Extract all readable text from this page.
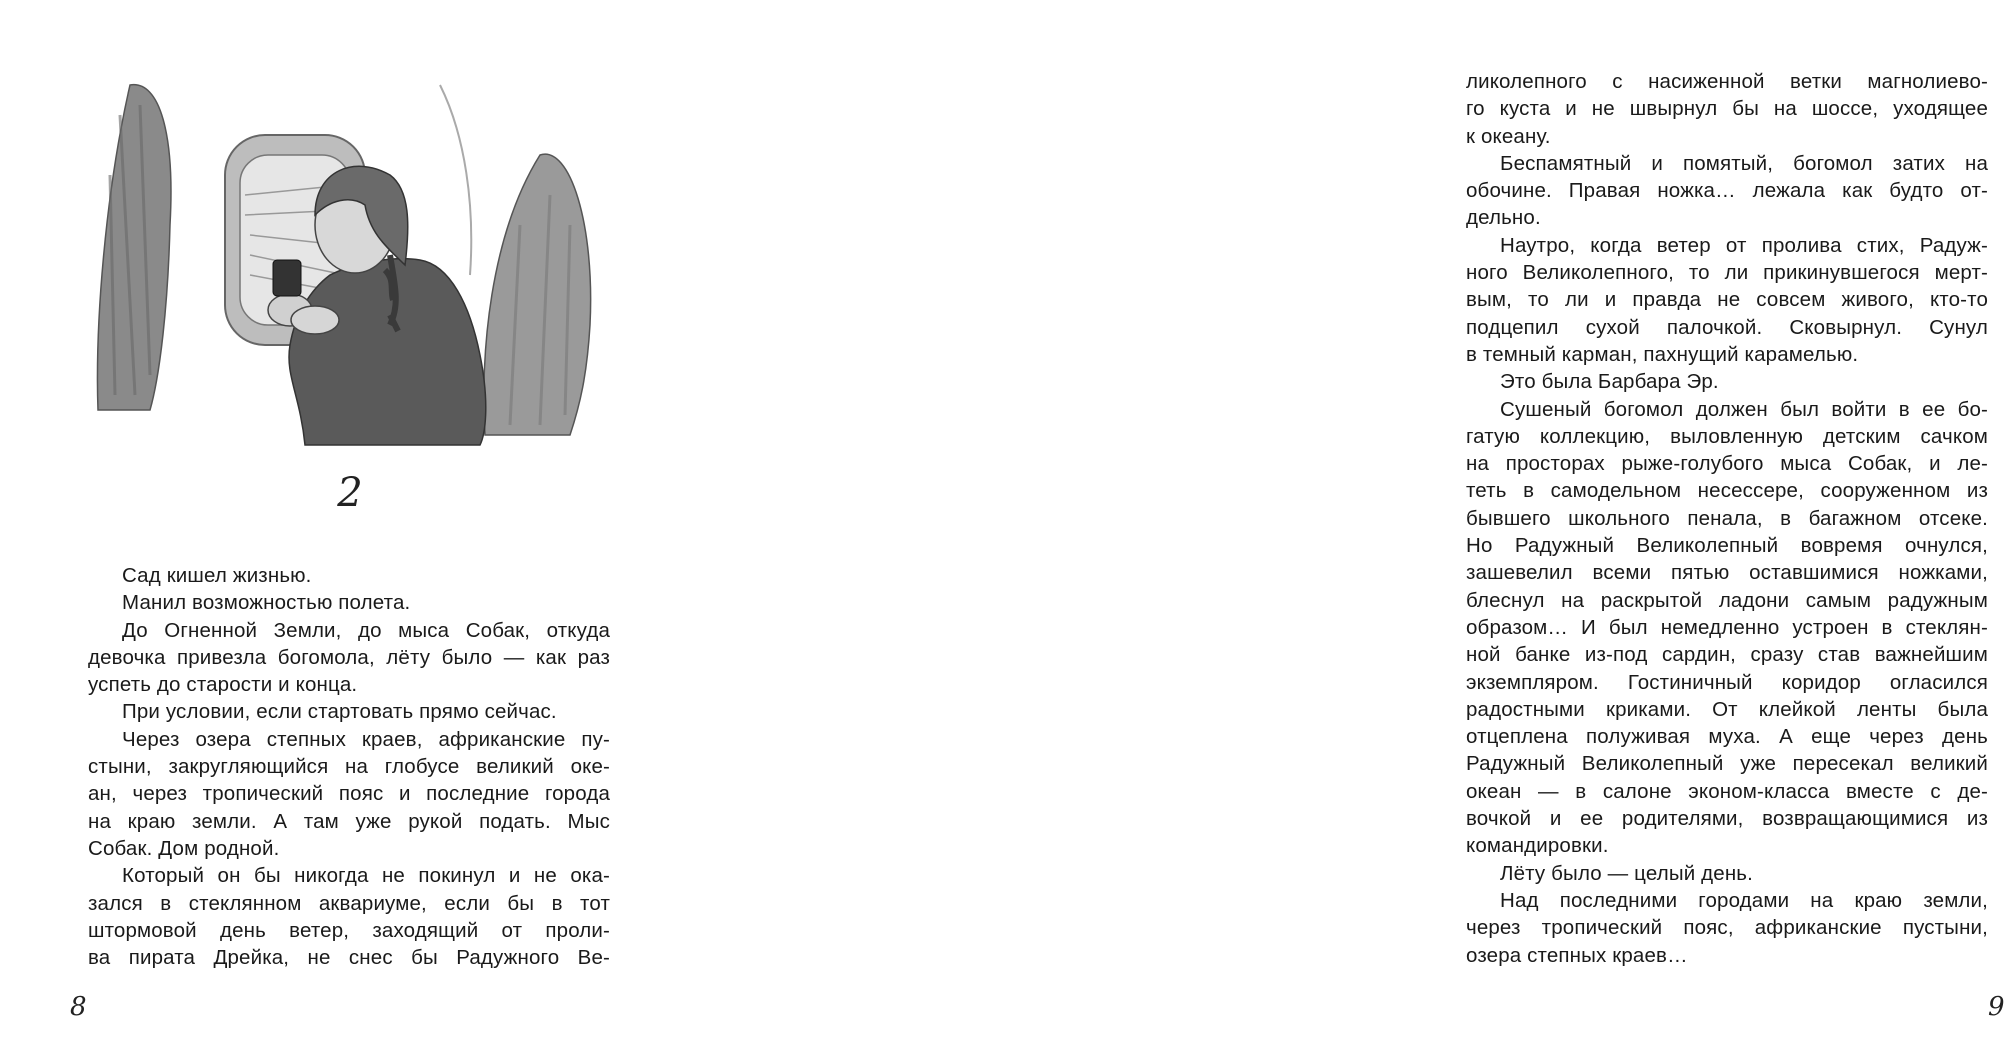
2
Сад кишел жизнью.
Манил возможностью полета.
До Огненной Земли, до мыса Собак, откуда
девочка привезла богомола, лёту было — как раз
успеть до старости и конца.
При условии, если стартовать прямо сейчас.
Через озера степных краев, африканские пу-
стыни, закругляющийся на глобусе великий оке-
ан, через тропический пояс и последние города
на краю земли. А там уже рукой подать. Мыс
Собак. Дом родной.
Который он бы никогда не покинул и не ока-
зался в стеклянном аквариуме, если бы в тот
штормовой день ветер, заходящий от проли-
ва пирата Дрейка, не снес бы Радужного Ве-
8
ликолепного с насиженной ветки магнолиево-
го куста и не швырнул бы на шоссе, уходящее
к океану.
Беспамятный и помятый, богомол затих на
обочине. Правая ножка… лежала как будто от-
дельно.
Наутро, когда ветер от пролива стих, Радуж-
ного Великолепного, то ли прикинувшегося мерт-
вым, то ли и правда не совсем живого, кто-то
подцепил сухой палочкой. Сковырнул. Сунул
в темный карман, пахнущий карамелью.
Это была Барбара Эр.
Сушеный богомол должен был войти в ее бо-
гатую коллекцию, выловленную детским сачком
на просторах рыже-голубого мыса Собак, и ле-
теть в самодельном несессере, сооруженном из
бывшего школьного пенала, в багажном отсеке.
Но Радужный Великолепный вовремя очнулся,
зашевелил всеми пятью оставшимися ножками,
блеснул на раскрытой ладони самым радужным
образом… И был немедленно устроен в стеклян-
ной банке из-под сардин, сразу став важнейшим
экземпляром. Гостиничный коридор огласился
радостными криками. От клейкой ленты была
отцеплена полуживая муха. А еще через день
Радужный Великолепный уже пересекал великий
океан — в салоне эконом-класса вместе с де-
вочкой и ее родителями, возвращающимися из
командировки.
Лёту было — целый день.
Над последними городами на краю земли,
через тропический пояс, африканские пустыни,
озера степных краев…
9
